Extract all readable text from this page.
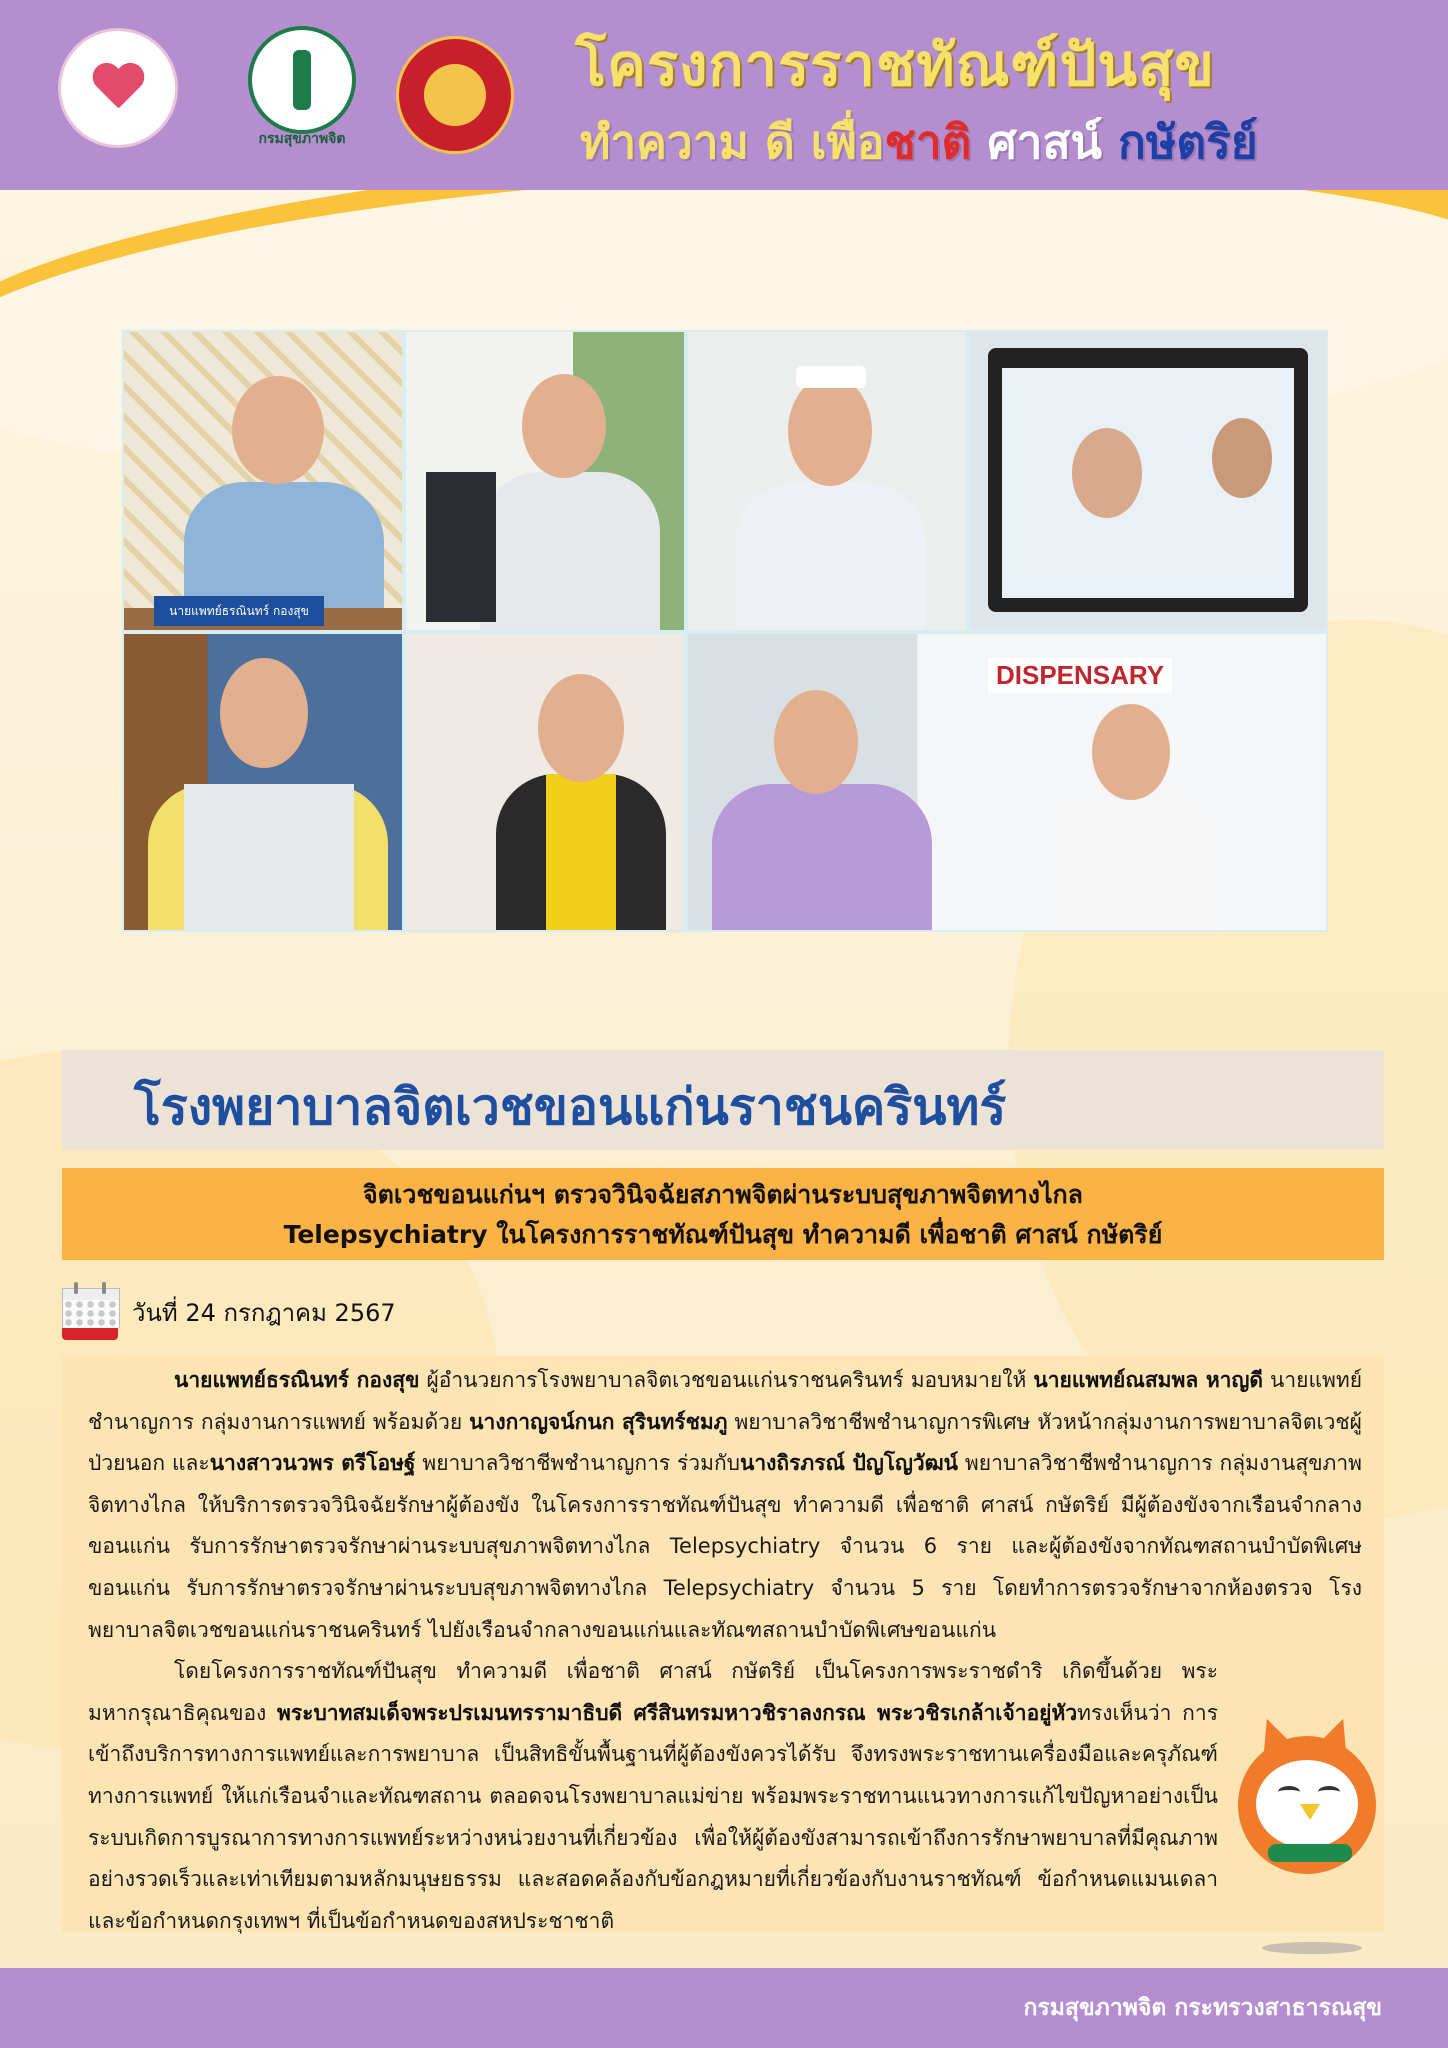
กรมสุขภาพจิต
โครงการราชทัณฑ์ปันสุข
ทำความ ดี เพื่อชาติ ศาสน์ กษัตริย์
นายแพทย์ธรณินทร์ กองสุข
DISPENSARY
โรงพยาบาลจิตเวชขอนแก่นราชนครินทร์
จิตเวชขอนแก่นฯ ตรวจวินิจฉัยสภาพจิตผ่านระบบสุขภาพจิตทางไกล
Telepsychiatry ในโครงการราชทัณฑ์ปันสุข ทำความดี เพื่อชาติ ศาสน์ กษัตริย์
วันที่ 24 กรกฎาคม 2567

นายแพทย์ธรณินทร์ กองสุข ผู้อำนวยการโรงพยาบาลจิตเวชขอนแก่นราชนครินทร์ มอบหมายให้ นายแพทย์ณสมพล หาญดี นายแพทย์ชำนาญการ กลุ่มงานการแพทย์ พร้อมด้วย นางกาญจน์กนก สุรินทร์ชมภู พยาบาลวิชาชีพชำนาญการพิเศษ หัวหน้ากลุ่มงานการพยาบาลจิตเวชผู้ป่วยนอก และนางสาวนวพร ตรีโอษฐ์ พยาบาลวิชาชีพชำนาญการ ร่วมกับนางถิรภรณ์ ปัญโญวัฒน์ พยาบาลวิชาชีพชำนาญการ กลุ่มงานสุขภาพจิตทางไกล ให้บริการตรวจวินิจฉัยรักษาผู้ต้องขัง ในโครงการราชทัณฑ์ปันสุข ทำความดี เพื่อชาติ ศาสน์ กษัตริย์ มีผู้ต้องขังจากเรือนจำกลางขอนแก่น รับการรักษาตรวจรักษาผ่านระบบสุขภาพจิตทางไกล Telepsychiatry จำนวน 6 ราย และผู้ต้องขังจากทัณฑสถานบำบัดพิเศษขอนแก่น รับการรักษาตรวจรักษาผ่านระบบสุขภาพจิตทางไกล Telepsychiatry จำนวน 5 ราย โดยทำการตรวจรักษาจากห้องตรวจ โรงพยาบาลจิตเวชขอนแก่นราชนครินทร์ ไปยังเรือนจำกลางขอนแก่นและทัณฑสถานบำบัดพิเศษขอนแก่น

โดยโครงการราชทัณฑ์ปันสุข ทำความดี เพื่อชาติ ศาสน์ กษัตริย์ เป็นโครงการพระราชดำริ เกิดขึ้นด้วย พระมหากรุณาธิคุณของ พระบาทสมเด็จพระปรเมนทรรามาธิบดี ศรีสินทรมหาวชิราลงกรณ พระวชิรเกล้าเจ้าอยู่หัวทรงเห็นว่า การเข้าถึงบริการทางการแพทย์และการพยาบาล เป็นสิทธิขั้นพื้นฐานที่ผู้ต้องขังควรได้รับ จึงทรงพระราชทานเครื่องมือและครุภัณฑ์ทางการแพทย์ ให้แก่เรือนจำและทัณฑสถาน ตลอดจนโรงพยาบาลแม่ข่าย พร้อมพระราชทานแนวทางการแก้ไขปัญหาอย่างเป็นระบบเกิดการบูรณาการทางการแพทย์ระหว่างหน่วยงานที่เกี่ยวข้อง เพื่อให้ผู้ต้องขังสามารถเข้าถึงการรักษาพยาบาลที่มีคุณภาพ อย่างรวดเร็วและเท่าเทียมตามหลักมนุษยธรรม และสอดคล้องกับข้อกฎหมายที่เกี่ยวข้องกับงานราชทัณฑ์ ข้อกำหนดแมนเดลาและข้อกำหนดกรุงเทพฯ ที่เป็นข้อกำหนดของสหประชาชาติ

กรมสุขภาพจิต กระทรวงสาธารณสุข
